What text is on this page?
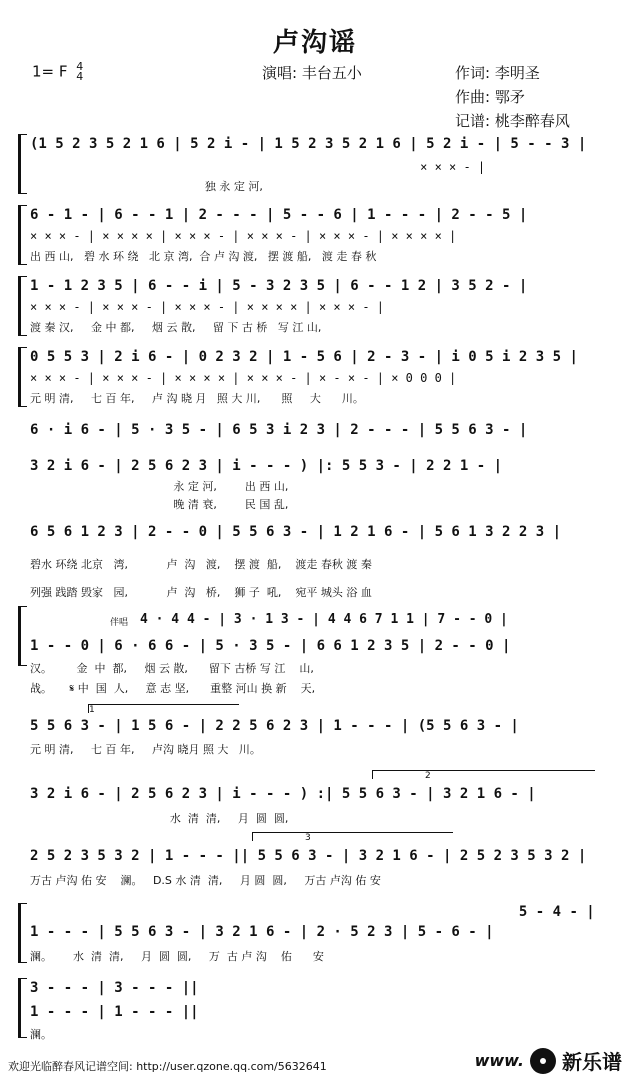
卢沟谣
1= F 4
4	演唱: 丰台五小	作词: 李明圣
作曲: 鄂矛
记谱: 桃李醉春风
(1 5 2 3 5 2 1 6 | 5 2 i - | 1 5 2 3 5 2 1 6 | 5 2 i - | 5 - - 3 |
× × × - |
独 永 定 河,
6 - 1 - | 6 - - 1 | 2 - - - | 5 - - 6 | 1 - - - | 2 - - 5 |
× × × - | × × × × | × × × - | × × × - | × × × - | × × × × |
出 西 山,   碧 水 环 绕   北 京 湾,  合 卢 沟 渡,   摆 渡 船,   渡 走 春 秋
1 - 1 2 3 5 | 6 - - i | 5 - 3 2 3 5 | 6 - - 1 2 | 3 5 2 - |
× × × - | × × × - | × × × - | × × × × | × × × - |
渡 秦 汉,     金 中 都,     烟 云 散,     留 下 古 桥   写 江 山,
0 5 5 3 | 2 i 6 - | 0 2 3 2 | 1 - 5 6 | 2 - 3 - | i 0 5 i 2 3 5 |
× × × - | × × × - | × × × × | × × × - | × - × - | × 0 0 0 |
元 明 清,     七 百 年,     卢 沟 晓 月   照 大 川,      照     大      川。
6 · i 6 - | 5 · 3 5 - | 6 5 3 i 2 3 | 2 - - - | 5 5 6 3 - |
3 2 i 6 - | 2 5 6 2 3 | i - - - ) |: 5 5 3 - | 2 2 1 - |
永 定 河,        出 西 山,
晚 清 衰,        民 国 乱,
6 5 6 1 2 3 | 2 - - 0 | 5 5 6 3 - | 1 2 1 6 - | 5 6 1 3 2 2 3 |
碧水 环绕 北京   湾,           卢  沟   渡,    摆 渡  船,    渡走 春秋 渡 秦
列强 践踏 毁家   园,           卢  沟   桥,    狮 子  吼,    宛平 城头 浴 血
伴唱 4 · 4 4 - | 3 · 1 3 - | 4 4 6 7 1 1 | 7 - - 0 |
1 - - 0 | 6 · 6 6 - | 5 · 3 5 - | 6 6 1 2 3 5 | 2 - - 0 |
汉。       金  中  都,     烟 云 散,      留下 古桥 写 江    山,
战。     𝄋 中  国  人,     意 志 坚,      重整 河山 换 新    天,
1
5 5 6 3 - | 1 5 6 - | 2 2 5 6 2 3 | 1 - - - | (5 5 6 3 - |
元 明 清,     七 百 年,     卢沟 晓月 照 大   川。
2
3 2 i 6 - | 2 5 6 2 3 | i - - - ) :| 5 5 6 3 - | 3 2 1 6 - |
水  清  清,     月  圆  圆,
3
2 5 2 3 5 3 2 | 1 - - - || 5 5 6 3 - | 3 2 1 6 - | 2 5 2 3 5 3 2 |
万古 卢沟 佑 安    澜。   D.S 水 清  清,     月 圆  圆,     万古 卢沟 佑 安
5 - 4 - |
1 - - - | 5 5 6 3 - | 3 2 1 6 - | 2 · 5 2 3 | 5 - 6 - |
澜。      水  清  清,     月  圆  圆,     万  古 卢 沟    佑      安
3 - - - | 3 - - - ||
1 - - - | 1 - - - ||
澜。
欢迎光临醉春风记谱空间: http://user.qzone.qq.com/5632641	www. 新乐谱
